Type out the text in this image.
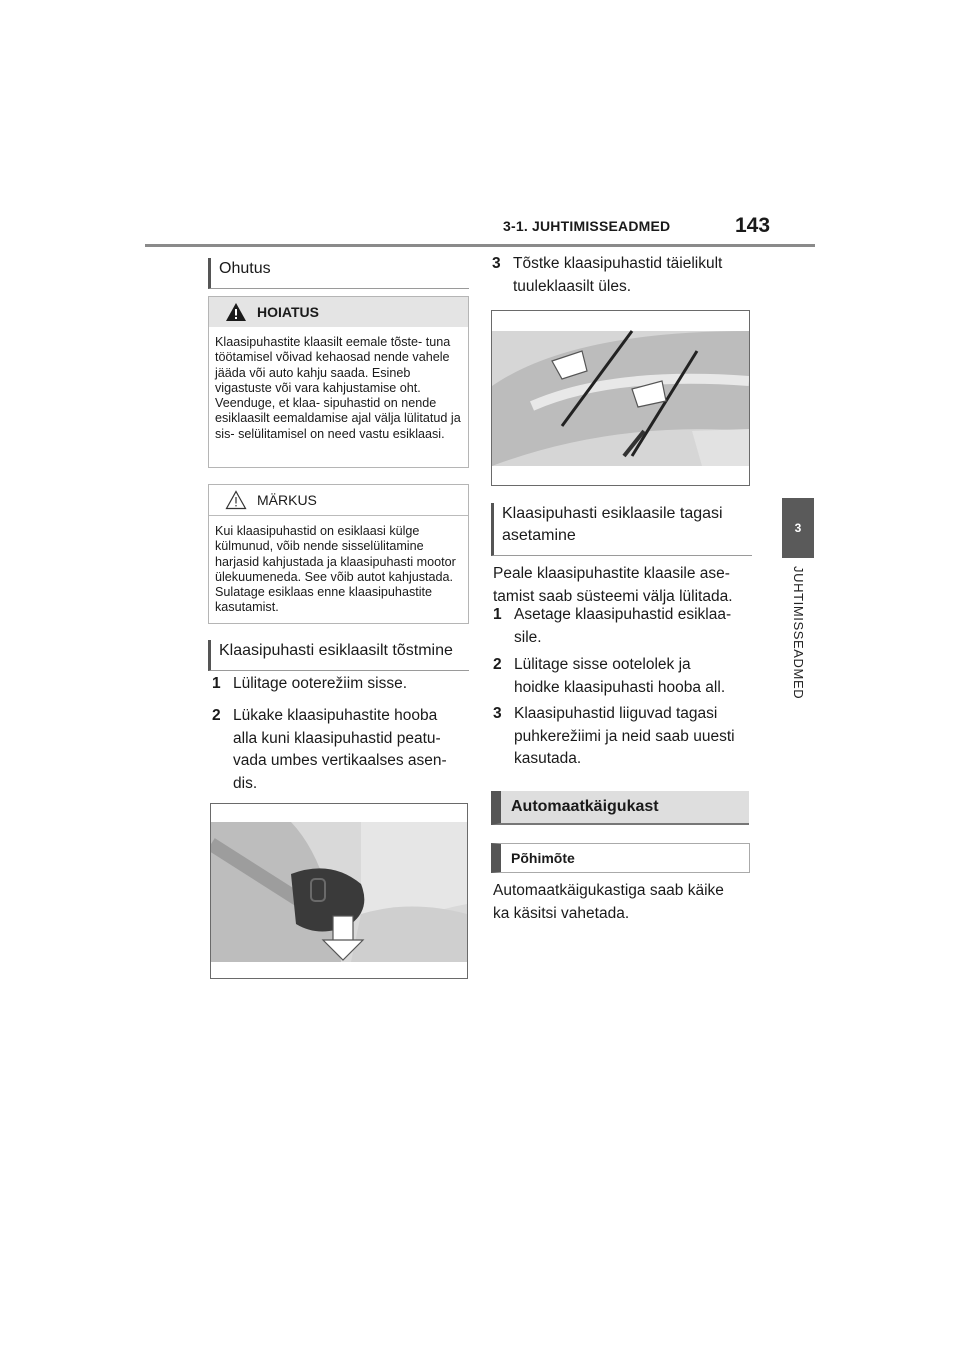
3-1. JUHTIMISSEADMED	143
3
JUHTIMISSEADMED
Ohutus
HOIATUS
Klaasipuhastite klaasilt eemale tõste- tuna töötamisel võivad kehaosad nende vahele jääda või auto kahju saada. Esineb vigastuste või vara kahjustamise oht. Veenduge, et klaa- sipuhastid on nende esiklaasilt eemaldamise ajal välja lülitatud ja sis- selülitamisel on need vastu esiklaasi.
MÄRKUS
Kui klaasipuhastid on esiklaasi külge külmunud, võib nende sisselülitamine harjasid kahjustada ja klaasipuhasti mootor ülekuumeneda. See võib autot kahjustada. Sulatage esiklaas enne klaasipuhastite kasutamist.
Klaasipuhasti esiklaasilt tõstmine
1 Lülitage ooterežiim sisse.
2 Lükake klaasipuhastite hooba
alla kuni klaasipuhastid peatu-
vada umbes vertikaalses asen-
dis.
3 Tõstke klaasipuhastid täielikult
tuuleklaasilt üles.
Klaasipuhasti esiklaasile tagasi
asetamine
Peale klaasipuhastite klaasile ase-
tamist saab süsteemi välja lülitada.
1 Asetage klaasipuhastid esiklaa-
sile.
2 Lülitage sisse ootelolek ja
hoidke klaasipuhasti hooba all.
3 Klaasipuhastid liiguvad tagasi
puhkerežiimi ja neid saab uuesti
kasutada.
Automaatkäigukast
Põhimõte
Automaatkäigukastiga saab käike
ka käsitsi vahetada.
